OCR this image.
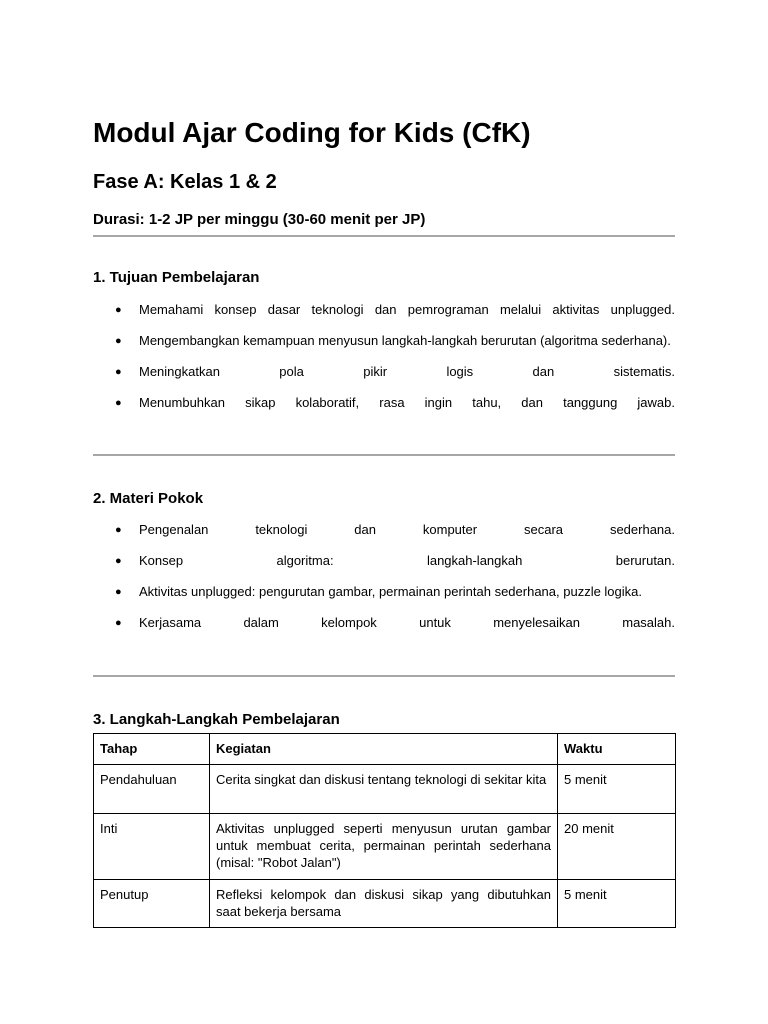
Modul Ajar Coding for Kids (CfK)
Fase A: Kelas 1 & 2

Durasi: 1-2 JP per minggu (30-60 menit per JP)

1. Tujuan Pembelajaran
● Memahami konsep dasar teknologi dan pemrograman melalui aktivitas unplugged.
● Mengembangkan kemampuan menyusun langkah-langkah berurutan (algoritma sederhana).
● Meningkatkan pola pikir logis dan sistematis.
● Menumbuhkan sikap kolaboratif, rasa ingin tahu, dan tanggung jawab.
2. Materi Pokok
● Pengenalan teknologi dan komputer secara sederhana.
● Konsep algoritma: langkah-langkah berurutan.
● Aktivitas unplugged: pengurutan gambar, permainan perintah sederhana, puzzle logika.
● Kerjasama dalam kelompok untuk menyelesaikan masalah.
3. Langkah-Langkah Pembelajaran
Tahap	Kegiatan	Waktu
Pendahuluan	Cerita singkat dan diskusi tentang teknologi di sekitar kita	5 menit
Inti	Aktivitas unplugged seperti menyusun urutan gambar untuk membuat cerita, permainan perintah sederhana (misal: "Robot Jalan")	20 menit
Penutup	Refleksi kelompok dan diskusi sikap yang dibutuhkan saat bekerja bersama	5 menit
